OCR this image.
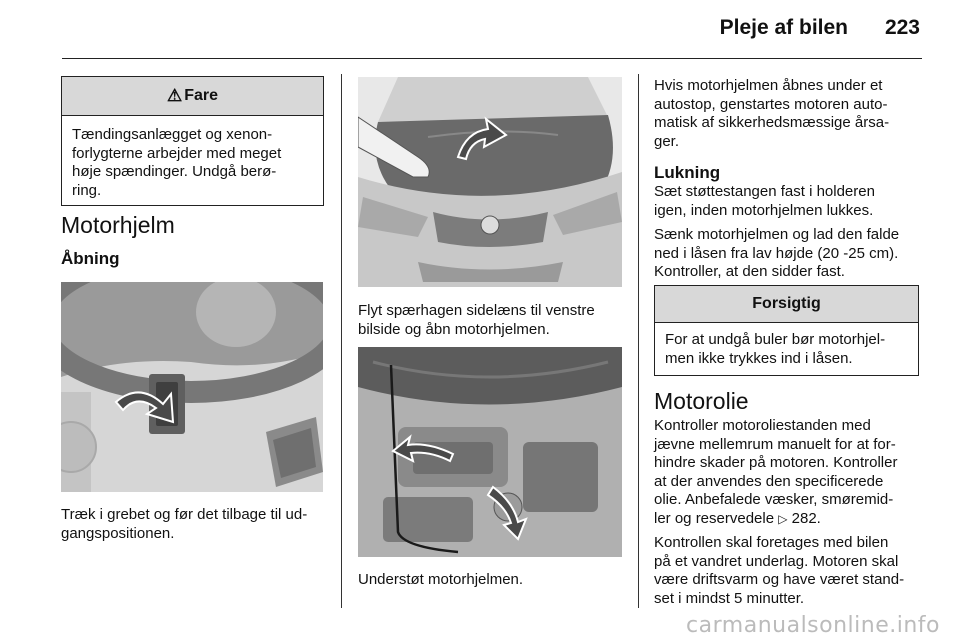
Pleje af bilen 223
⚠ Fare
Tændingsanlægget og xenon-
forlygterne arbejder med meget
høje spændinger. Undgå berø-
ring.
Motorhjelm
Åbning
Træk i grebet og før det tilbage til ud-
gangspositionen.
Flyt spærhagen sidelæns til venstre
bilside og åbn motorhjelmen.
Understøt motorhjelmen.
Hvis motorhjelmen åbnes under et
autostop, genstartes motoren auto-
matisk af sikkerhedsmæssige årsa-
ger.
Lukning
Sæt støttestangen fast i holderen
igen, inden motorhjelmen lukkes.
Sænk motorhjelmen og lad den falde
ned i låsen fra lav højde (20 -25 cm).
Kontroller, at den sidder fast.
Forsigtig
For at undgå buler bør motorhjel-
men ikke trykkes ind i låsen.
Motorolie
Kontroller motoroliestanden med
jævne mellemrum manuelt for at for-
hindre skader på motoren. Kontroller
at der anvendes den specificerede
olie. Anbefalede væsker, smøremid-
ler og reservedele ▷ 282.
Kontrollen skal foretages med bilen
på et vandret underlag. Motoren skal
være driftsvarm og have været stand-
set i mindst 5 minutter.
carmanualsonline.info
